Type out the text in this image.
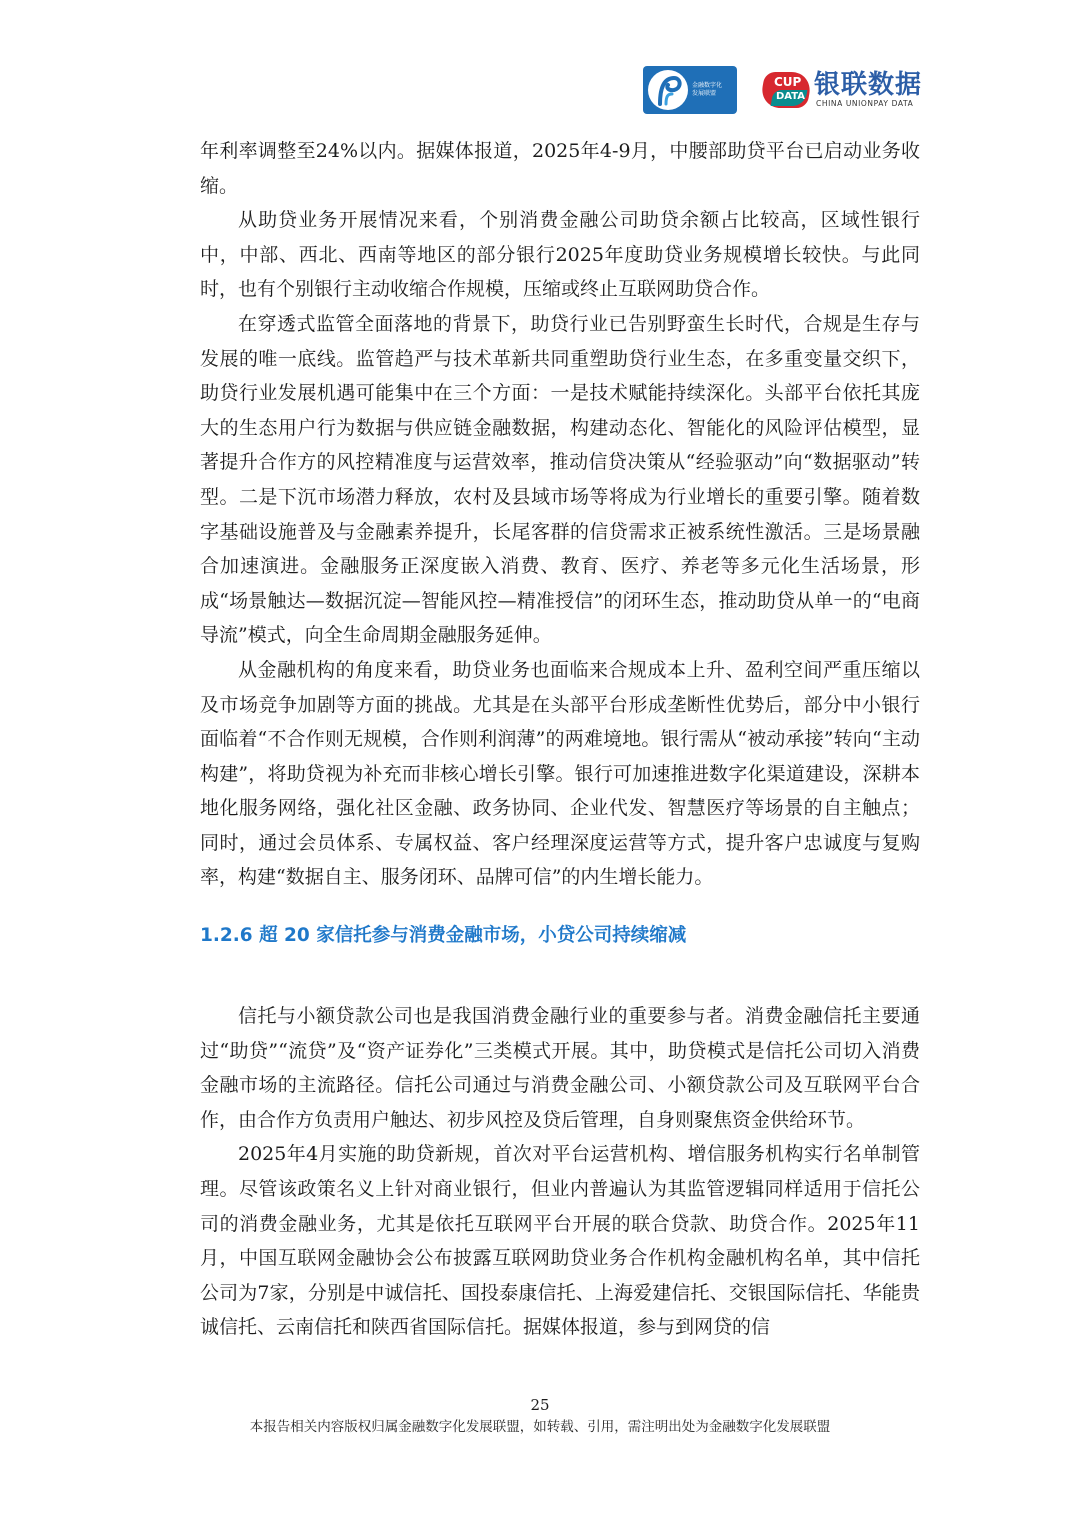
金融数字化
发展联盟
CUP
DATA 银联数据
CHINA UNIONPAY DATA

年利率调整至24%以内。据媒体报道，2025年4-9月，中腰部助贷平台已启动业务收缩。

从助贷业务开展情况来看，个别消费金融公司助贷余额占比较高，区域性银行中，中部、西北、西南等地区的部分银行2025年度助贷业务规模增长较快。与此同时，也有个别银行主动收缩合作规模，压缩或终止互联网助贷合作。

在穿透式监管全面落地的背景下，助贷行业已告别野蛮生长时代，合规是生存与发展的唯一底线。监管趋严与技术革新共同重塑助贷行业生态，在多重变量交织下，助贷行业发展机遇可能集中在三个方面：一是技术赋能持续深化。头部平台依托其庞大的生态用户行为数据与供应链金融数据，构建动态化、智能化的风险评估模型，显著提升合作方的风控精准度与运营效率，推动信贷决策从“经验驱动”向“数据驱动”转型。二是下沉市场潜力释放，农村及县域市场等将成为行业增长的重要引擎。随着数字基础设施普及与金融素养提升，长尾客群的信贷需求正被系统性激活。三是场景融合加速演进。金融服务正深度嵌入消费、教育、医疗、养老等多元化生活场景，形成“场景触达—数据沉淀—智能风控—精准授信”的闭环生态，推动助贷从单一的“电商导流”模式，向全生命周期金融服务延伸。

从金融机构的角度来看，助贷业务也面临来合规成本上升、盈利空间严重压缩以及市场竞争加剧等方面的挑战。尤其是在头部平台形成垄断性优势后，部分中小银行面临着“不合作则无规模，合作则利润薄”的两难境地。银行需从“被动承接”转向“主动构建”，将助贷视为补充而非核心增长引擎。银行可加速推进数字化渠道建设，深耕本地化服务网络，强化社区金融、政务协同、企业代发、智慧医疗等场景的自主触点；同时，通过会员体系、专属权益、客户经理深度运营等方式，提升客户忠诚度与复购率，构建“数据自主、服务闭环、品牌可信”的内生增长能力。

1.2.6 超 20 家信托参与消费金融市场，小贷公司持续缩减

信托与小额贷款公司也是我国消费金融行业的重要参与者。消费金融信托主要通过“助贷”“流贷”及“资产证券化”三类模式开展。其中，助贷模式是信托公司切入消费金融市场的主流路径。信托公司通过与消费金融公司、小额贷款公司及互联网平台合作，由合作方负责用户触达、初步风控及贷后管理，自身则聚焦资金供给环节。

2025年4月实施的助贷新规，首次对平台运营机构、增信服务机构实行名单制管理。尽管该政策名义上针对商业银行，但业内普遍认为其监管逻辑同样适用于信托公司的消费金融业务，尤其是依托互联网平台开展的联合贷款、助贷合作。2025年11月，中国互联网金融协会公布披露互联网助贷业务合作机构金融机构名单，其中信托公司为7家，分别是中诚信托、国投泰康信托、上海爱建信托、交银国际信托、华能贵诚信托、云南信托和陕西省国际信托。据媒体报道，参与到网贷的信

25
本报告相关内容版权归属金融数字化发展联盟，如转载、引用，需注明出处为金融数字化发展联盟
